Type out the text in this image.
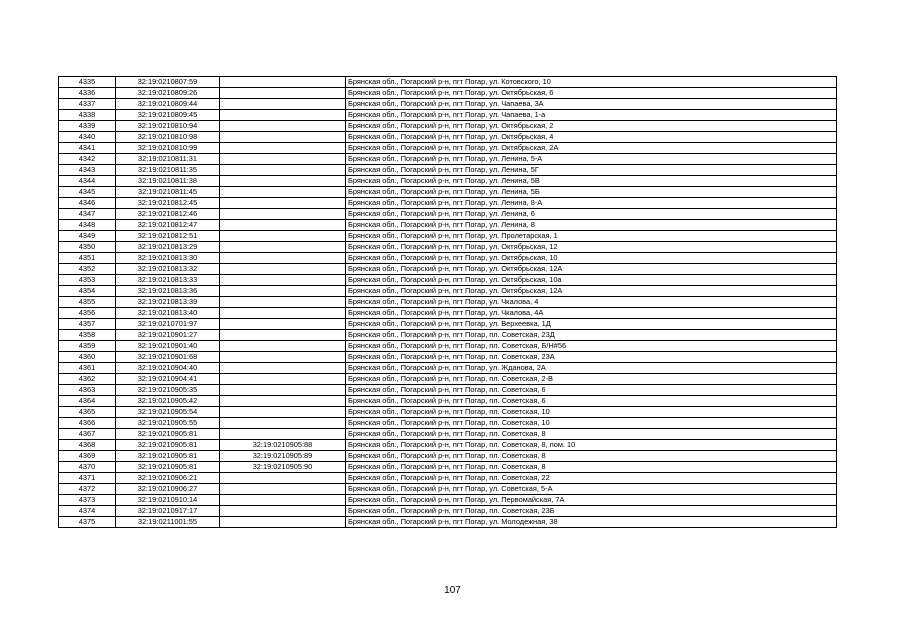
4335	32:19:0210807:59		Брянская обл., Погарский р-н, пгт Погар, ул. Котовского, 10
4336	32:19:0210809:26		Брянская обл., Погарский р-н, пгт Погар, ул. Октябрьская, 6
4337	32:19:0210809:44		Брянская обл., Погарский р-н, пгт Погар, ул. Чапаева, 3А
4338	32:19:0210809:45		Брянская обл., Погарский р-н, пгт Погар, ул. Чапаева, 1-а
4339	32:19:0210810:94		Брянская обл., Погарский р-н, пгт Погар, ул. Октябрьская, 2
4340	32:19:0210810:98		Брянская обл., Погарский р-н, пгт Погар, ул. Октябрьская, 4
4341	32:19:0210810:99		Брянская обл., Погарский р-н, пгт Погар, ул. Октябрьская, 2А
4342	32:19:0210811:31		Брянская обл., Погарский р-н, пгт Погар, ул. Ленина, 5-А
4343	32:19:0210811:35		Брянская обл., Погарский р-н, пгт Погар, ул. Ленина, 5Г
4344	32:19:0210811:38		Брянская обл., Погарский р-н, пгт Погар, ул. Ленина, 5В
4345	32:19:0210811:45		Брянская обл., Погарский р-н, пгт Погар, ул. Ленина, 5Б
4346	32:19:0210812:45		Брянская обл., Погарский р-н, пгт Погар, ул. Ленина, 8-А
4347	32:19:0210812:46		Брянская обл., Погарский р-н, пгт Погар, ул. Ленина, 6
4348	32:19:0210812:47		Брянская обл., Погарский р-н, пгт Погар, ул. Ленина, 8
4349	32:19:0210812:51		Брянская обл., Погарский р-н, пгт Погар, ул. Пролетарская, 1
4350	32:19:0210813:29		Брянская обл., Погарский р-н, пгт Погар, ул. Октябрьская, 12
4351	32:19:0210813:30		Брянская обл., Погарский р-н, пгт Погар, ул. Октябрьская, 10
4352	32:19:0210813:32		Брянская обл., Погарский р-н, пгт Погар, ул. Октябрьская, 12А
4353	32:19:0210813:33		Брянская обл., Погарский р-н, пгт Погар, ул. Октябрьская, 10а
4354	32:19:0210813:36		Брянская обл., Погарский р-н, пгт Погар, ул. Октябрьская, 12А
4355	32:19:0210813:39		Брянская обл., Погарский р-н, пгт Погар, ул. Чкалова, 4
4356	32:19:0210813:40		Брянская обл., Погарский р-н, пгт Погар, ул. Чкалова, 4А
4357	32:19:0210701:97		Брянская обл., Погарский р-н, пгт Погар, ул. Верхеевка, 1Д
4358	32:19:0210901:27		Брянская обл., Погарский р-н, пгт Погар, пл. Советская, 23Д
4359	32:19:0210901:40		Брянская обл., Погарский р-н, пгт Погар, пл. Советская, Б/Н#56
4360	32:19:0210901:68		Брянская обл., Погарский р-н, пгт Погар, пл. Советская, 23А
4361	32:19:0210904:40		Брянская обл., Погарский р-н, пгт Погар, ул. Жданова, 2А
4362	32:19:0210904:41		Брянская обл., Погарский р-н, пгт Погар, пл. Советская, 2-В
4363	32:19:0210905:35		Брянская обл., Погарский р-н, пгт Погар, пл. Советская, 6
4364	32:19:0210905:42		Брянская обл., Погарский р-н, пгт Погар, пл. Советская, 6
4365	32:19:0210905:54		Брянская обл., Погарский р-н, пгт Погар, пл. Советская, 10
4366	32:19:0210905:55		Брянская обл., Погарский р-н, пгт Погар, пл. Советская, 10
4367	32:19:0210905:81		Брянская обл., Погарский р-н, пгт Погар, пл. Советская, 8
4368	32:19:0210905:81	32:19:0210905:88	Брянская обл., Погарский р-н, пгт Погар, пл. Советская, 8, пом. 10
4369	32:19:0210905:81	32:19:0210905:89	Брянская обл., Погарский р-н, пгт Погар, пл. Советская, 8
4370	32:19:0210905:81	32:19:0210905:90	Брянская обл., Погарский р-н, пгт Погар, пл. Советская, 8
4371	32:19:0210906:21		Брянская обл., Погарский р-н, пгт Погар, пл. Советская, 22
4372	32:19:0210906:27		Брянская обл., Погарский р-н, пгт Погар, ул. Советская, 5-А
4373	32:19:0210910:14		Брянская обл., Погарский р-н, пгт Погар, ул. Первомайская, 7А
4374	32:19:0210917:17		Брянская обл., Погарский р-н, пгт Погар, пл. Советская, 23Б
4375	32:19:0211001:55		Брянская обл., Погарский р-н, пгт Погар, ул. Молодежная, 38
107
